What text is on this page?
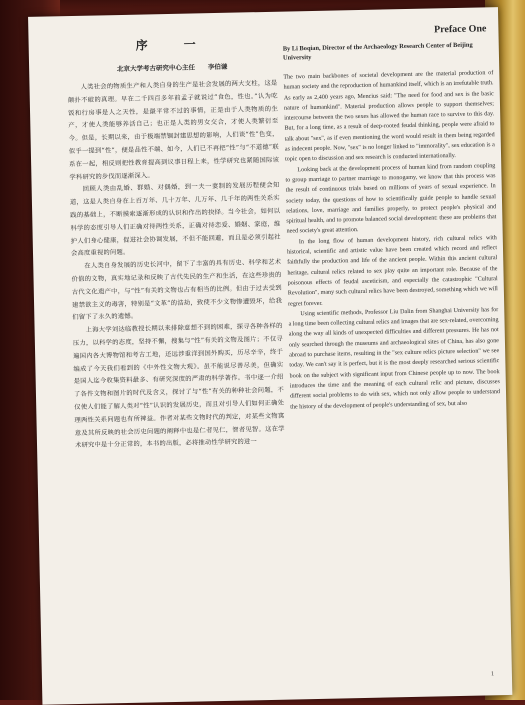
序　一
北京大学考古研究中心主任　　李伯谦

人类社会的物质生产和人类自身的生产是社会发展的两大支柱，这是颠扑不破的真理。早在二千四百多年前孟子就说过“食色，性也。”认为吃饭和行房事是人之天性，是最平常不过的事情，正是由于人类物质的生产，才使人类能够养活自己；也正是人类的男女交合，才使人类繁衍至今。但是，长期以来，由于极端禁锢封建思想的影响，人们谈“性”色变，似乎一提到“性”，便是品性不端、如今，人们已不再把“性”与“不道德”联系在一起，相反则把性教育提高到议事日程上来，性学研究也紧随国际该学科研究的步伐而逐渐深入。

回顾人类由乱婚、群婚、对偶婚，到一夫一妻制的发展历程便会知道，这是人类自身在上百万年、几十万年、几万年、几千年的两性关系实践的基础上，不断摸索逐渐形成的认识和作出的抉择。当今社会，如何以科学的态度引导人们正确对待两性关系，正确对待恋爱、婚姻、家庭，维护人们身心健康，促进社会协调发展，不但不能回避，而且是必须引起社会高度重视的问题。

在人类自身发展的历史长河中，留下了丰富的具有历史、科学和艺术价值的文物，真实地记录和反映了古代先民的生产和生活，在这些珍贵的古代文化遗产中，与“性”有关的文物也占有相当的比例。但由于过去受到建禁欲主义的毒害，特别是“文革”的浩劫，致使不少文物惨遭毁坏，给我们留下了永久的遗憾。

上海大学刘达临教授长期以来排除意想不到的困难，探寻各种各样的压力，以科学的态度，坚持不懈，搜集与“性”有关的文物及图片；不仅寻遍国内各大博物馆和考古工地，还远涉重洋到国外购买，历尽辛辛，终于编成了今天我们看到的《中外性文物大观》。虽不能说尽善尽美，但确实是国人迄今收集资料最多、有研究深度的严肃的科学著作。书中逐一介绍了各件文物和图片的时代及含义，探讨了与“性”有关的种种社会问题，不仅使人们能了解人类对“性”认识的发展历史，而且对引导人们如何正确处理两性关系问题也有所裨益。作者对某些文物时代的判定，对某些文物寓意及其所反映的社会历史问题的阐释中也是仁者见仁，智者见智。这在学术研究中是十分正常的，本书的出版，必将推动性学研究的进一

Preface One
By Li Boqian, Director of the Archaeology Research Center of Beijing University

The two main backbones of societal development are the material production of human society and the reproduction of humankind itself, which is an irrefutable truth. As early as 2,400 years ago, Mencius said: "The need for food and sex is the basic nature of humankind". Material production allows people to support themselves; intercourse between the two sexes has allowed the human race to survive to this day. But, for a long time, as a result of deep-rooted feudal thinking, people were afraid to talk about "sex", as if even mentioning the word would result in them being regarded as indecent people. Now, "sex" is no longer linked to "immorality", sex education is a topic open to discussion and sex research is conducted internationally.

Looking back at the development process of human kind from random coupling to group marriage to partner marriage to monogamy, we know that this process was the result of continuous trials based on millions of years of sexual experience. In society today, the questions of how to scientifically guide people to handle sexual relations, love, marriage and families properly, to protect people's physical and spiritual health, and to promote balanced social development: these are problems that need society's great attention.

In the long flow of human development history, rich cultural relics with historical, scientific and artistic value have been created which record and reflect faithfully the production and life of the ancient people. Within this ancient cultural heritage, cultural relics related to sex play quite an important role. Because of the poisonous effects of feudal asceticism, and especially the catastrophic "Cultural Revolution", many such cultural relics have been destroyed, something which we will regret forever.

Using scientific methods, Professor Liu Dalin from Shanghai University has for a long time been collecting cultural relics and images that are sex-related, overcoming along the way all kinds of unexpected difficulties and different pressures. He has not only searched through the museums and archaeological sites of China, has also gone abroad to purchase items, resulting in the "sex culture relics picture selection" we see today. We can't say it is perfect, but it is the most deeply researched serious scientific book on the subject with significant input from Chinese people up to now. The book introduces the time and the meaning of each cultural relic and picture, discusses different social problems to do with sex, which not only allow people to understand the history of the development of people's understanding of sex, but also

1
